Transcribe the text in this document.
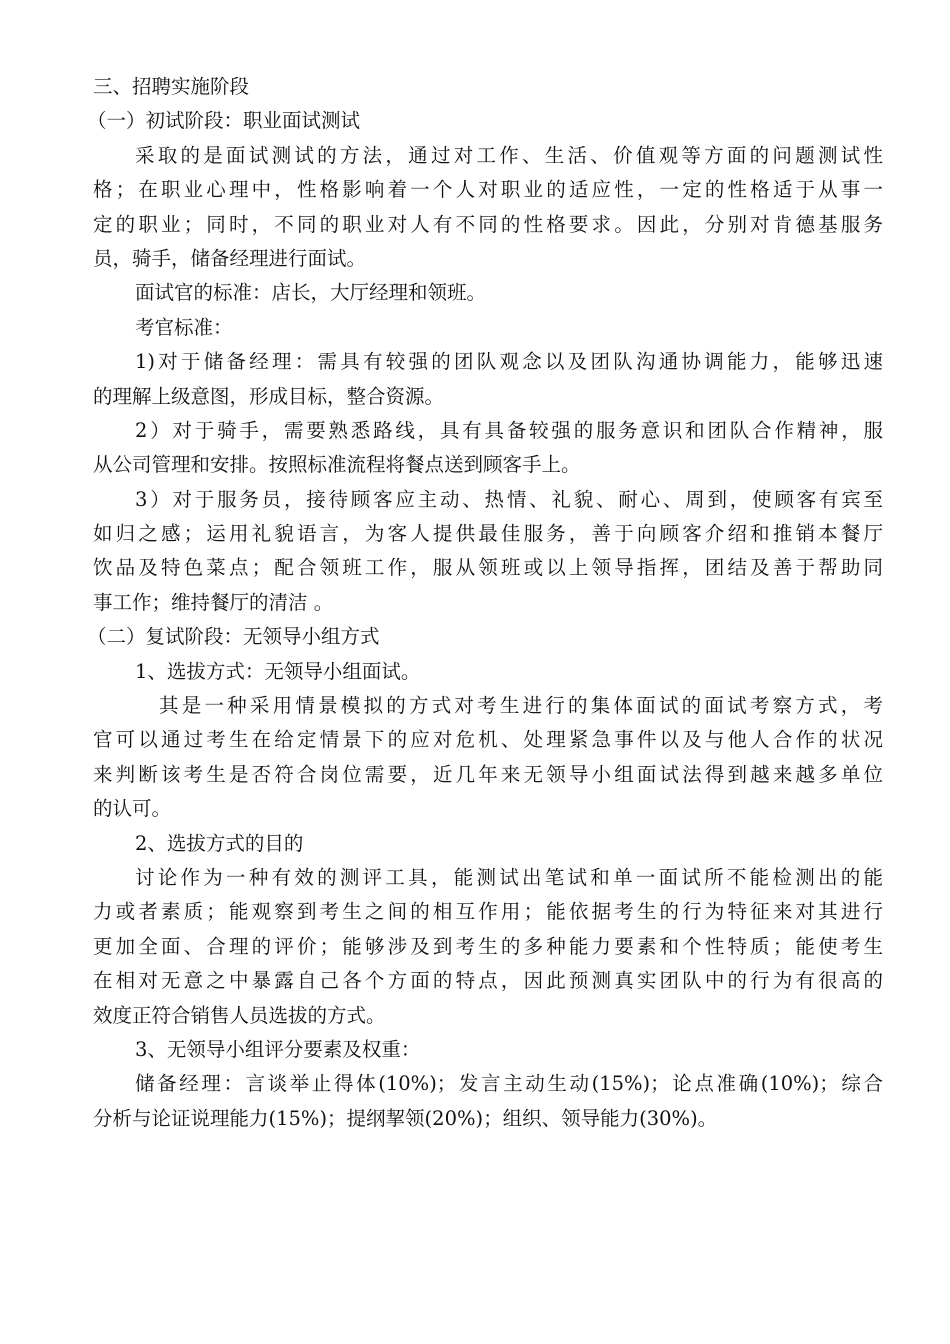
三、招聘实施阶段
（一）初试阶段：职业面试测试
采取的是面试测试的方法，通过对工作、生活、价值观等方面的问题测试性
格；在职业心理中，性格影响着一个人对职业的适应性，一定的性格适于从事一
定的职业；同时，不同的职业对人有不同的性格要求。因此，分别对肯德基服务
员，骑手，储备经理进行面试。
面试官的标准：店长，大厅经理和领班。
考官标准：
1)对于储备经理：需具有较强的团队观念以及团队沟通协调能力，能够迅速
的理解上级意图，形成目标，整合资源。
2）对于骑手，需要熟悉路线，具有具备较强的服务意识和团队合作精神，服
从公司管理和安排。按照标准流程将餐点送到顾客手上。
3）对于服务员，接待顾客应主动、热情、礼貌、耐心、周到，使顾客有宾至
如归之感；运用礼貌语言，为客人提供最佳服务，善于向顾客介绍和推销本餐厅
饮品及特色菜点；配合领班工作，服从领班或以上领导指挥，团结及善于帮助同
事工作；维持餐厅的清洁 。
（二）复试阶段：无领导小组方式
1、选拔方式：无领导小组面试。
其是一种采用情景模拟的方式对考生进行的集体面试的面试考察方式，考
官可以通过考生在给定情景下的应对危机、处理紧急事件以及与他人合作的状况
来判断该考生是否符合岗位需要，近几年来无领导小组面试法得到越来越多单位
的认可。
2、选拔方式的目的
讨论作为一种有效的测评工具，能测试出笔试和单一面试所不能检测出的能
力或者素质；能观察到考生之间的相互作用；能依据考生的行为特征来对其进行
更加全面、合理的评价；能够涉及到考生的多种能力要素和个性特质；能使考生
在相对无意之中暴露自己各个方面的特点，因此预测真实团队中的行为有很高的
效度正符合销售人员选拔的方式。
3、无领导小组评分要素及权重：
储备经理：言谈举止得体(10%)；发言主动生动(15%)；论点准确(10%)；综合
分析与论证说理能力(15%)；提纲挈领(20%)；组织、领导能力(30%)。
